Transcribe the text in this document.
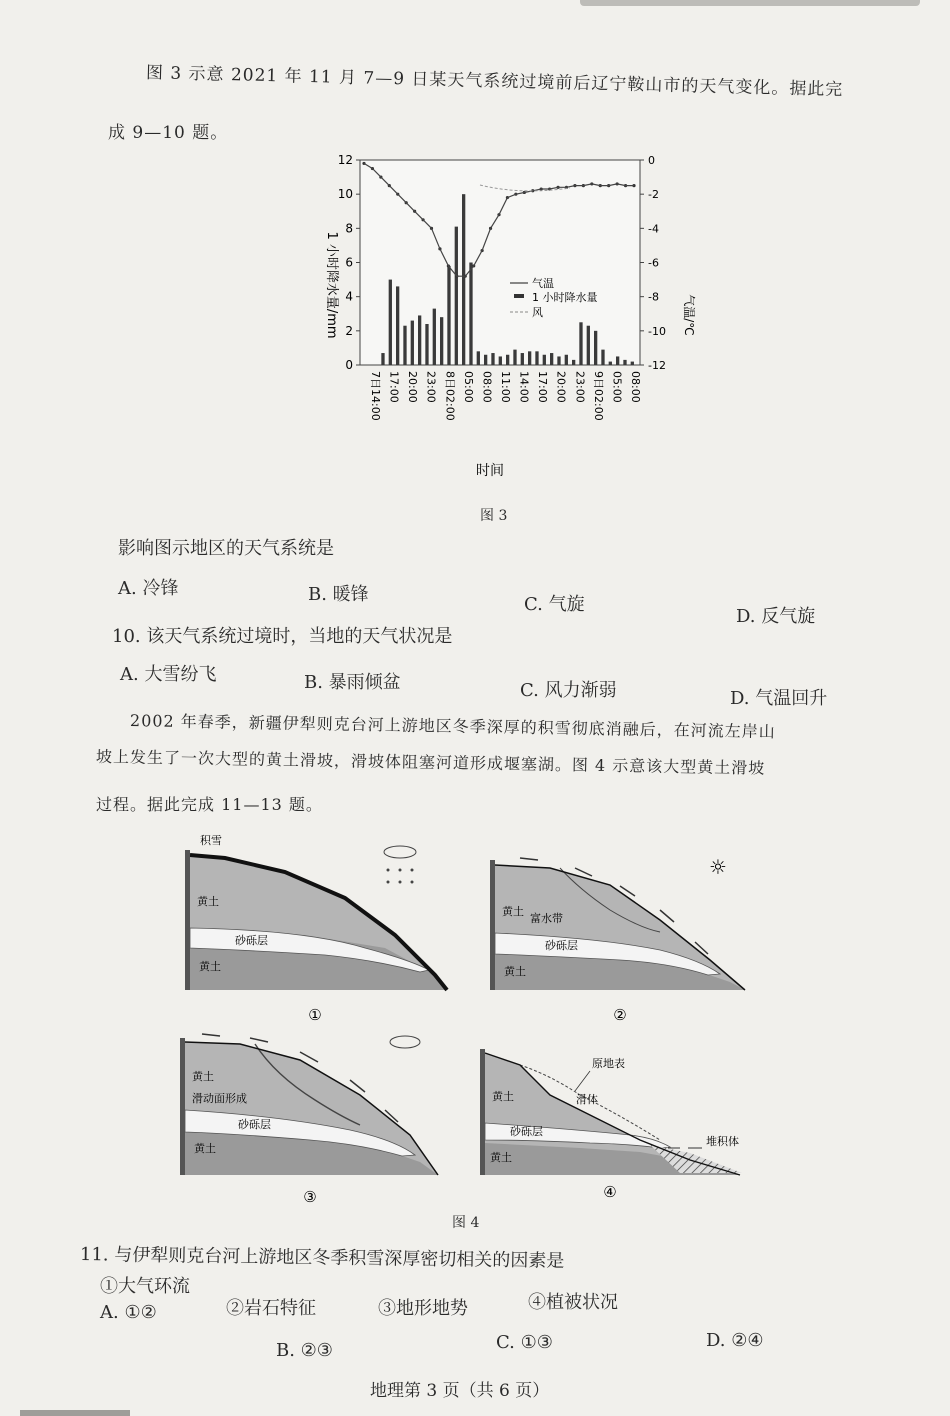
图 3 示意 2021 年 11 月 7—9 日某天气系统过境前后辽宁鞍山市的天气变化。据此完
成 9—10 题。
1 小时降水量/mm	气温/℃
0
2
4
6
8
10
12	0
-2
-4
-6
-8
-10
-12
7日14:00 17:00 20:00 23:00 8日02:00 05:00 08:00 11:00 14:00 17:00 20:00 23:00 9日02:00 05:00 08:00
气温
1 小时降水量
风
时间
图 3
影响图示地区的天气系统是
A. 冷锋	B. 暖锋	C. 气旋
D. 反气旋
10. 该天气系统过境时，当地的天气状况是
A. 大雪纷飞	B. 暴雨倾盆	C. 风力渐弱	D. 气温回升
2002 年春季，新疆伊犁则克台河上游地区冬季深厚的积雪彻底消融后，在河流左岸山
坡上发生了一次大型的黄土滑坡，滑坡体阻塞河道形成堰塞湖。图 4 示意该大型黄土滑坡
过程。据此完成 11—13 题。
黄土
砂砾层
黄土
积雪
①
黄土
富水带
砂砾层
黄土
☼
②
黄土
滑动面形成
砂砾层
黄土
③
黄土
原地表
滑体
砂砾层
黄土
堆积体
④
图 4
11. 与伊犁则克台河上游地区冬季积雪深厚密切相关的因素是
①大气环流
②岩石特征	③地形地势	④植被状况
A. ①②
B. ②③	C. ①③	D. ②④
地理第 3 页（共 6 页）
